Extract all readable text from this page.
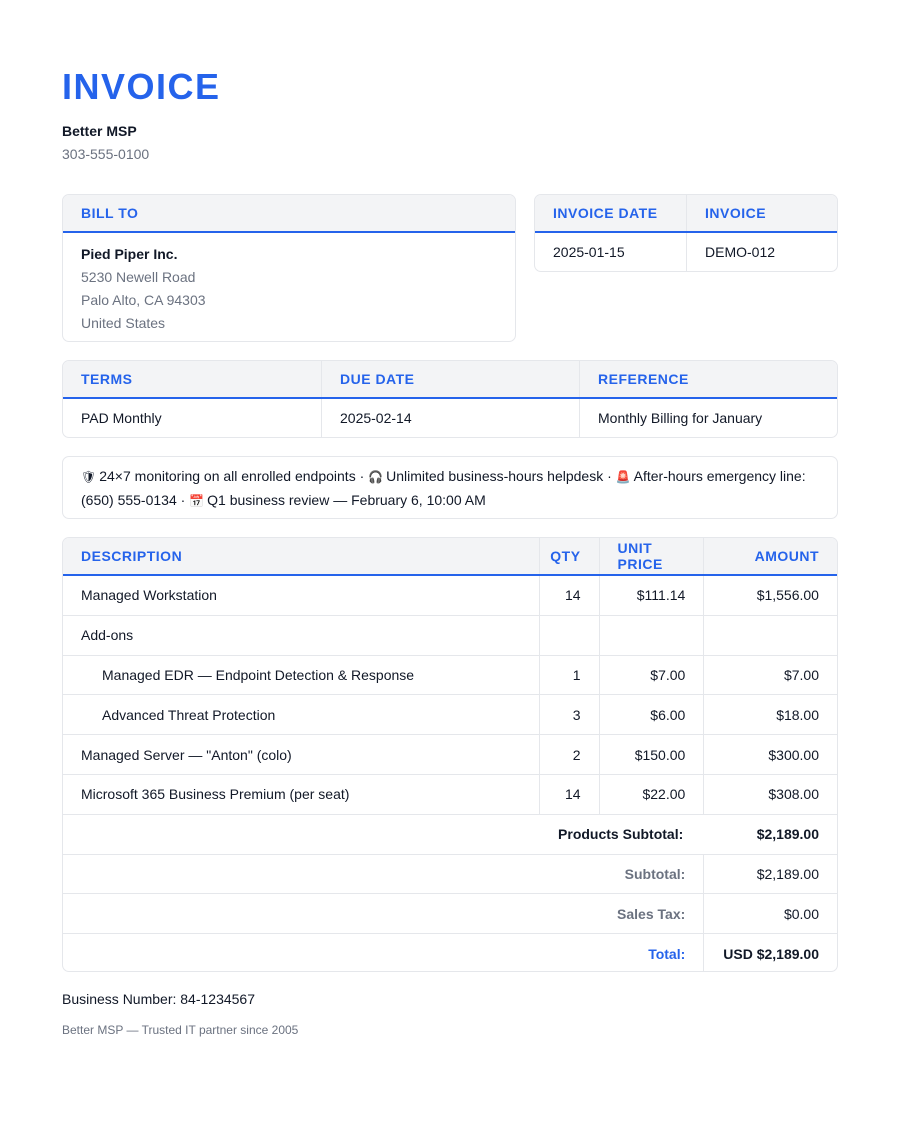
INVOICE
Better MSP
303-555-0100
BILL TO
Pied Piper Inc.
5230 Newell Road
Palo Alto, CA 94303
United States
INVOICE DATE	INVOICE
2025-01-15	DEMO-012
TERMS	DUE DATE	REFERENCE
PAD Monthly	2025-02-14	Monthly Billing for January
🛡 24×7 monitoring on all enrolled endpoints · 🎧 Unlimited business-hours helpdesk · 🚨 After-hours emergency line: (650) 555-0134 · 📅 Q1 business review — February 6, 10:00 AM
DESCRIPTION	QTY	UNIT PRICE	AMOUNT
Managed Workstation	14	$111.14	$1,556.00
Add-ons
Managed EDR — Endpoint Detection & Response	1	$7.00	$7.00
Advanced Threat Protection	3	$6.00	$18.00
Managed Server — "Anton" (colo)	2	$150.00	$300.00
Microsoft 365 Business Premium (per seat)	14	$22.00	$308.00
Products Subtotal:	$2,189.00
Subtotal:	$2,189.00
Sales Tax:	$0.00
Total:	USD $2,189.00
Business Number: 84-1234567
Better MSP — Trusted IT partner since 2005
